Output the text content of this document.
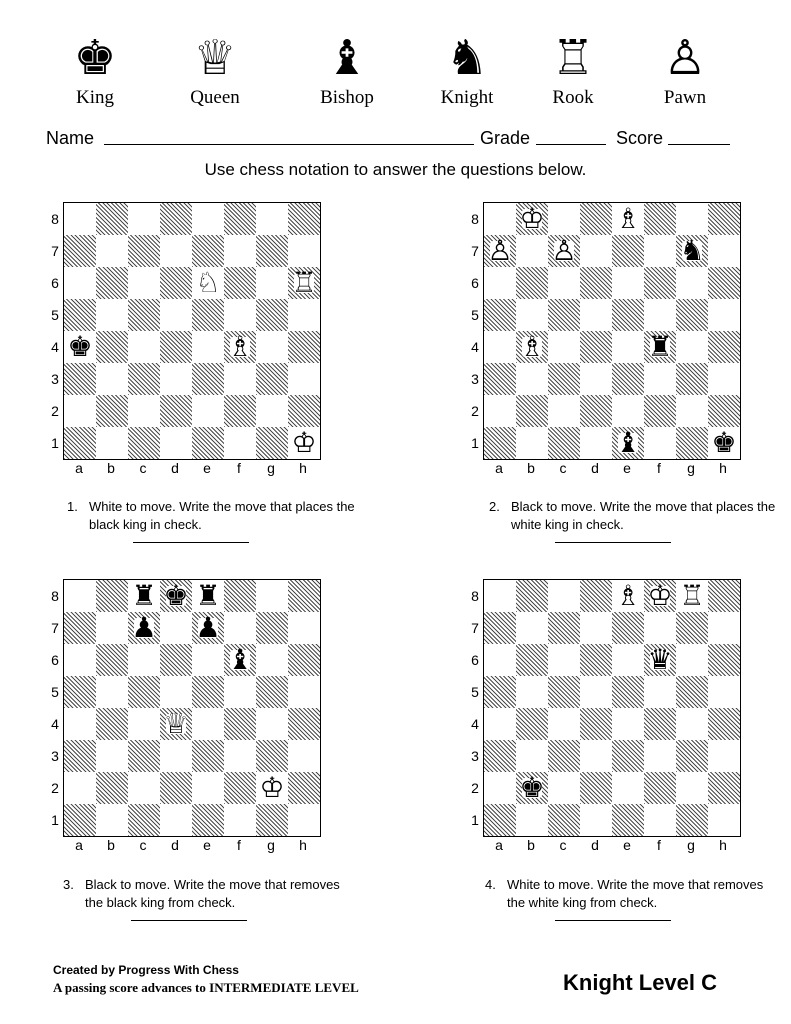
♚
King
♕
Queen
♝
Bishop
♞
Knight
♖
Rook
♙
Pawn
Name	Grade	Score
Use chess notation to answer the questions below.
♘	♖
♚	♗
♔
♔	♗
♙ ♙	♞
♗	♜
♝	♚
♜ ♚ ♜
♟ ♟
♝
♕
♔
♗ ♔ ♖
♛
♚
8
7
6
5
4
3
2
1
a	b	c	d	e	f	g	h
8
7
6
5
4
3
2
1
a	b	c	d	e	f	g	h
8
7
6
5
4
3
2
1
a	b	c	d	e	f	g	h
8
7
6
5
4
3
2
1
a	b	c	d	e	f	g	h
1. White to move. Write the move that places the black king in check.
2. Black to move. Write the move that places the white king in check.
3. Black to move. Write the move that removes the black king from check.
4. White to move. Write the move that removes the white king from check.
Created by Progress With Chess
A passing score advances to INTERMEDIATE LEVEL	Knight Level C
